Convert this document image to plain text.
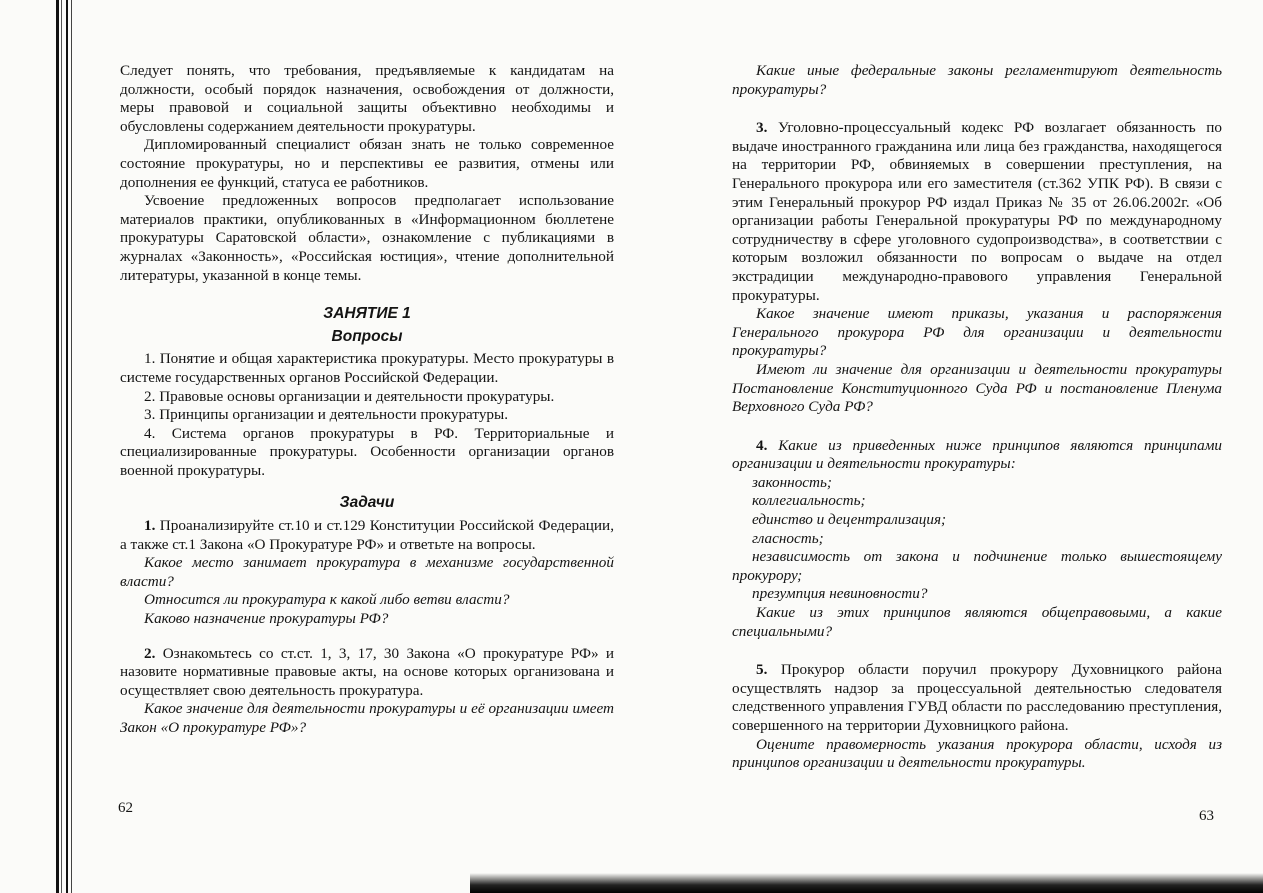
Следует понять, что требования, предъявляемые к кандидатам на должности, особый порядок назначения, освобождения от должности, меры правовой и социальной защиты объективно необходимы и обусловлены содержанием деятельности прокуратуры.

Дипломированный специалист обязан знать не только современное состояние прокуратуры, но и перспективы ее развития, отмены или дополнения ее функций, статуса ее работников.

Усвоение предложенных вопросов предполагает использование материалов практики, опубликованных в «Информационном бюллетене прокуратуры Саратовской области», ознакомление с публикациями в журналах «Законность», «Российская юстиция», чтение дополнительной литературы, указанной в конце темы.

ЗАНЯТИЕ 1
Вопросы

1. Понятие и общая характеристика прокуратуры. Место прокуратуры в системе государственных органов Российской Федерации.

2. Правовые основы организации и деятельности прокуратуры.

3. Принципы организации и деятельности прокуратуры.

4. Система органов прокуратуры в РФ. Территориальные и специализированные прокуратуры. Особенности организации органов военной прокуратуры.

Задачи

1. Проанализируйте ст.10 и ст.129 Конституции Российской Федерации, а также ст.1 Закона «О Прокуратуре РФ» и ответьте на вопросы.

Какое место занимает прокуратура в механизме государственной власти?

Относится ли прокуратура к какой либо ветви власти?

Каково назначение прокуратуры РФ?

2. Ознакомьтесь со ст.ст. 1, 3, 17, 30 Закона «О прокуратуре РФ» и назовите нормативные правовые акты, на основе которых организована и осуществляет свою деятельность прокуратура.

Какое значение для деятельности прокуратуры и её организации имеет Закон «О прокуратуре РФ»?

62

Какие иные федеральные законы регламентируют деятельность прокуратуры?

3. Уголовно-процессуальный кодекс РФ возлагает обязанность по выдаче иностранного гражданина или лица без гражданства, находящегося на территории РФ, обвиняемых в совершении преступления, на Генерального прокурора или его заместителя (ст.362 УПК РФ). В связи с этим Генеральный прокурор РФ издал Приказ № 35 от 26.06.2002г. «Об организации работы Генеральной прокуратуры РФ по международному сотрудничеству в сфере уголовного судопроизводства», в соответствии с которым возложил обязанности по вопросам о выдаче на отдел экстрадиции международно-правового управления Генеральной прокуратуры.

Какое значение имеют приказы, указания и распоряжения Генерального прокурора РФ для организации и деятельности прокуратуры?

Имеют ли значение для организации и деятельности прокуратуры Постановление Конституционного Суда РФ и постановление Пленума Верховного Суда РФ?

4. Какие из приведенных ниже принципов являются принципами организации и деятельности прокуратуры:

законность;

коллегиальность;

единство и децентрализация;

гласность;

независимость от закона и подчинение только вышестоящему прокурору;

презумпция невиновности?

Какие из этих принципов являются общеправовыми, а какие специальными?

5. Прокурор области поручил прокурору Духовницкого района осуществлять надзор за процессуальной деятельностью следователя следственного управления ГУВД области по расследованию преступления, совершенного на территории Духовницкого района.

Оцените правомерность указания прокурора области, исходя из принципов организации и деятельности прокуратуры.

63
